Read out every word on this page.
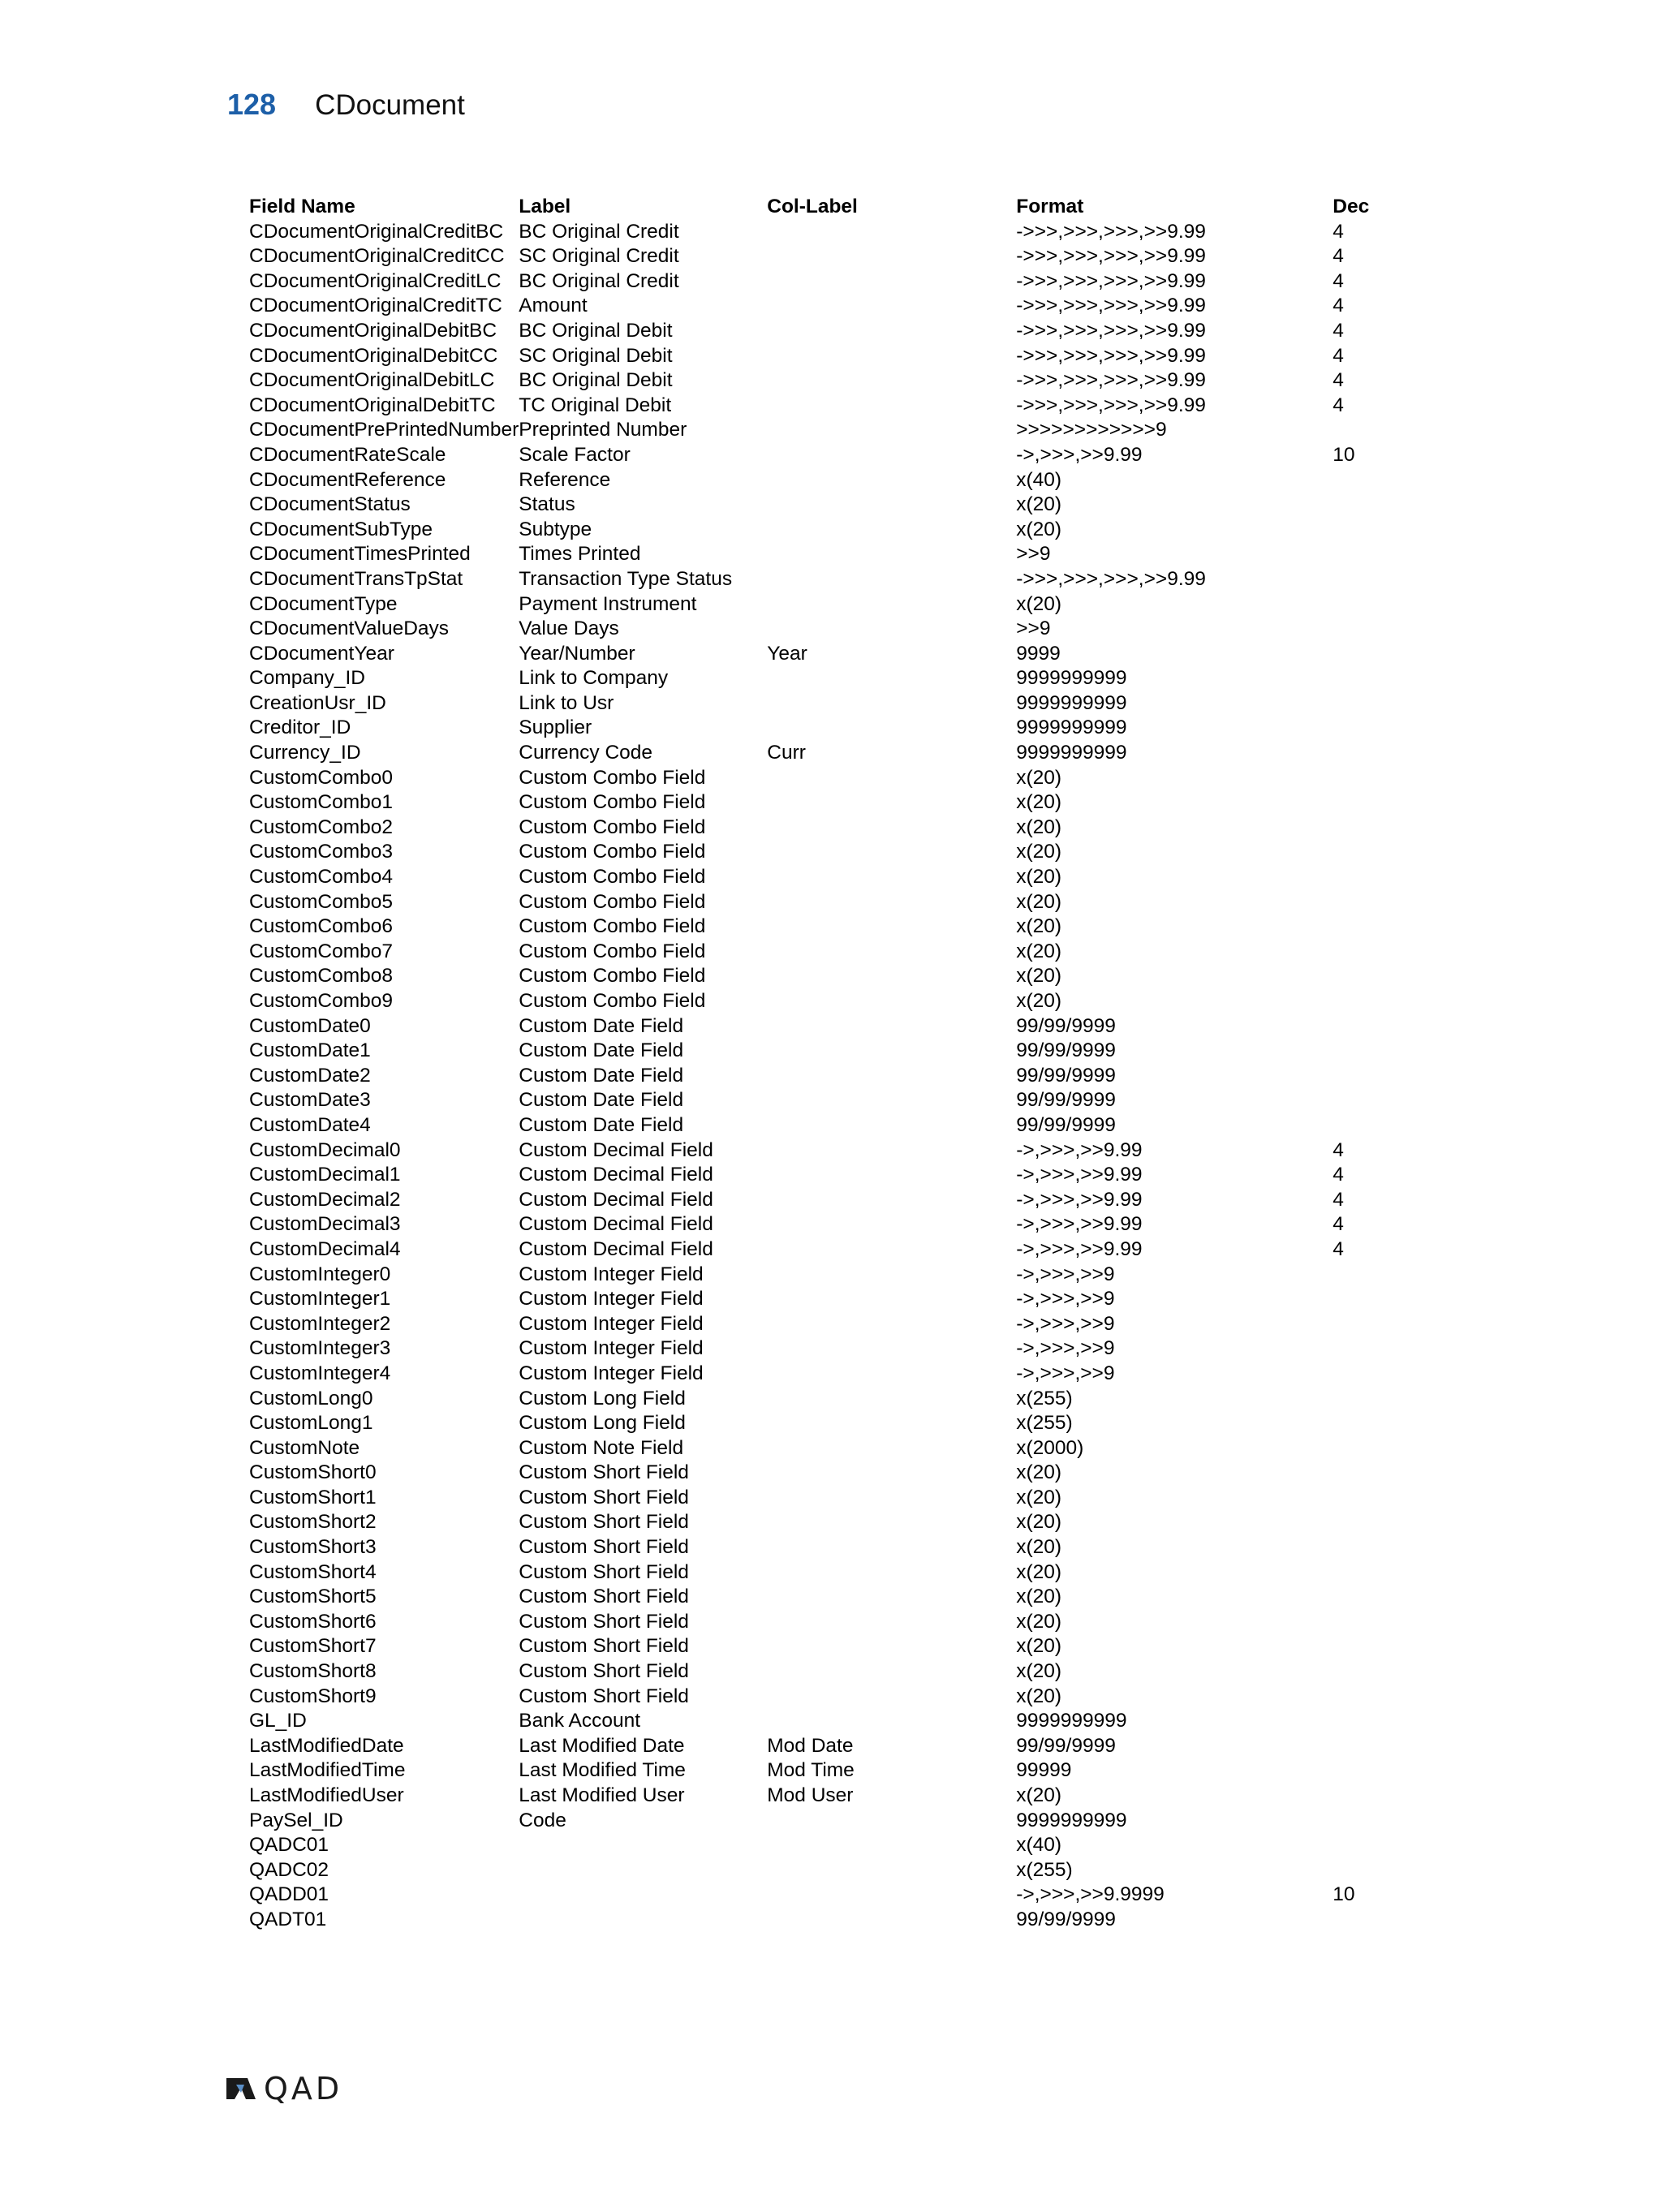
128 CDocument
Field Name	Label	Col-Label	Format	Dec
CDocumentOriginalCreditBC	BC Original Credit		->>>,>>>,>>>,>>9.99	4
CDocumentOriginalCreditCC	SC Original Credit		->>>,>>>,>>>,>>9.99	4
CDocumentOriginalCreditLC	BC Original Credit		->>>,>>>,>>>,>>9.99	4
CDocumentOriginalCreditTC	Amount		->>>,>>>,>>>,>>9.99	4
CDocumentOriginalDebitBC	BC Original Debit		->>>,>>>,>>>,>>9.99	4
CDocumentOriginalDebitCC	SC Original Debit		->>>,>>>,>>>,>>9.99	4
CDocumentOriginalDebitLC	BC Original Debit		->>>,>>>,>>>,>>9.99	4
CDocumentOriginalDebitTC	TC Original Debit		->>>,>>>,>>>,>>9.99	4
CDocumentPrePrintedNumber	Preprinted Number		>>>>>>>>>>>>9	
CDocumentRateScale	Scale Factor		->,>>>,>>9.99	10
CDocumentReference	Reference		x(40)	
CDocumentStatus	Status		x(20)	
CDocumentSubType	Subtype		x(20)	
CDocumentTimesPrinted	Times Printed		>>9	
CDocumentTransTpStat	Transaction Type Status		->>>,>>>,>>>,>>9.99	
CDocumentType	Payment Instrument		x(20)	
CDocumentValueDays	Value Days		>>9	
CDocumentYear	Year/Number	Year	9999	
Company_ID	Link to Company		9999999999	
CreationUsr_ID	Link to Usr		9999999999	
Creditor_ID	Supplier		9999999999	
Currency_ID	Currency Code	Curr	9999999999	
CustomCombo0	Custom Combo Field		x(20)	
CustomCombo1	Custom Combo Field		x(20)	
CustomCombo2	Custom Combo Field		x(20)	
CustomCombo3	Custom Combo Field		x(20)	
CustomCombo4	Custom Combo Field		x(20)	
CustomCombo5	Custom Combo Field		x(20)	
CustomCombo6	Custom Combo Field		x(20)	
CustomCombo7	Custom Combo Field		x(20)	
CustomCombo8	Custom Combo Field		x(20)	
CustomCombo9	Custom Combo Field		x(20)	
CustomDate0	Custom Date Field		99/99/9999	
CustomDate1	Custom Date Field		99/99/9999	
CustomDate2	Custom Date Field		99/99/9999	
CustomDate3	Custom Date Field		99/99/9999	
CustomDate4	Custom Date Field		99/99/9999	
CustomDecimal0	Custom Decimal Field		->,>>>,>>9.99	4
CustomDecimal1	Custom Decimal Field		->,>>>,>>9.99	4
CustomDecimal2	Custom Decimal Field		->,>>>,>>9.99	4
CustomDecimal3	Custom Decimal Field		->,>>>,>>9.99	4
CustomDecimal4	Custom Decimal Field		->,>>>,>>9.99	4
CustomInteger0	Custom Integer Field		->,>>>,>>9	
CustomInteger1	Custom Integer Field		->,>>>,>>9	
CustomInteger2	Custom Integer Field		->,>>>,>>9	
CustomInteger3	Custom Integer Field		->,>>>,>>9	
CustomInteger4	Custom Integer Field		->,>>>,>>9	
CustomLong0	Custom Long Field		x(255)	
CustomLong1	Custom Long Field		x(255)	
CustomNote	Custom Note Field		x(2000)	
CustomShort0	Custom Short Field		x(20)	
CustomShort1	Custom Short Field		x(20)	
CustomShort2	Custom Short Field		x(20)	
CustomShort3	Custom Short Field		x(20)	
CustomShort4	Custom Short Field		x(20)	
CustomShort5	Custom Short Field		x(20)	
CustomShort6	Custom Short Field		x(20)	
CustomShort7	Custom Short Field		x(20)	
CustomShort8	Custom Short Field		x(20)	
CustomShort9	Custom Short Field		x(20)	
GL_ID	Bank Account		9999999999	
LastModifiedDate	Last Modified Date	Mod Date	99/99/9999	
LastModifiedTime	Last Modified Time	Mod Time	99999	
LastModifiedUser	Last Modified User	Mod User	x(20)	
PaySel_ID	Code		9999999999	
QADC01			x(40)	
QADC02			x(255)	
QADD01			->,>>>,>>9.9999	10
QADT01			99/99/9999	
QAD
